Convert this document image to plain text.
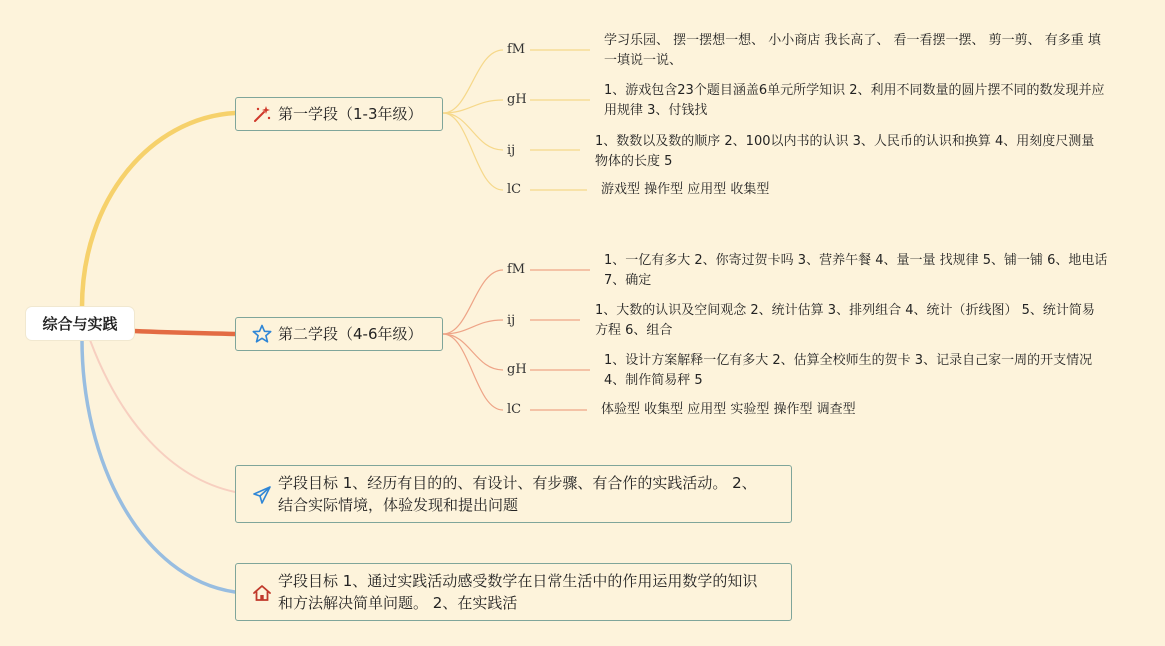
综合与实践
第一学段（1-3年级）
第二学段（4-6年级）
学段目标 1、经历有目的的、有设计、有步骤、有合作的实践活动。 2、结合实际情境，体验发现和提出问题
学段目标 1、通过实践活动感受数学在日常生活中的作用运用数学的知识和方法解决简单问题。 2、在实践活
fM
学习乐园、 摆一摆想一想、 小小商店 我长高了、 看一看摆一摆、 剪一剪、 有多重 填一填说一说、
gH
1、游戏包含23个题目涵盖6单元所学知识 2、利用不同数量的圆片摆不同的数发现并应用规律 3、付钱找
ij
1、数数以及数的顺序 2、100以内书的认识 3、人民币的认识和换算 4、用刻度尺测量物体的长度 5
lC	游戏型 操作型 应用型 收集型
fM
1、一亿有多大 2、你寄过贺卡吗 3、营养午餐 4、量一量 找规律 5、铺一铺 6、地电话 7、确定
ij
1、大数的认识及空间观念 2、统计估算 3、排列组合 4、统计（折线图） 5、统计简易方程 6、组合
gH
1、设计方案解释一亿有多大 2、估算全校师生的贺卡 3、记录自己家一周的开支情况 4、制作简易秤 5
lC	体验型 收集型 应用型 实验型 操作型 调查型
